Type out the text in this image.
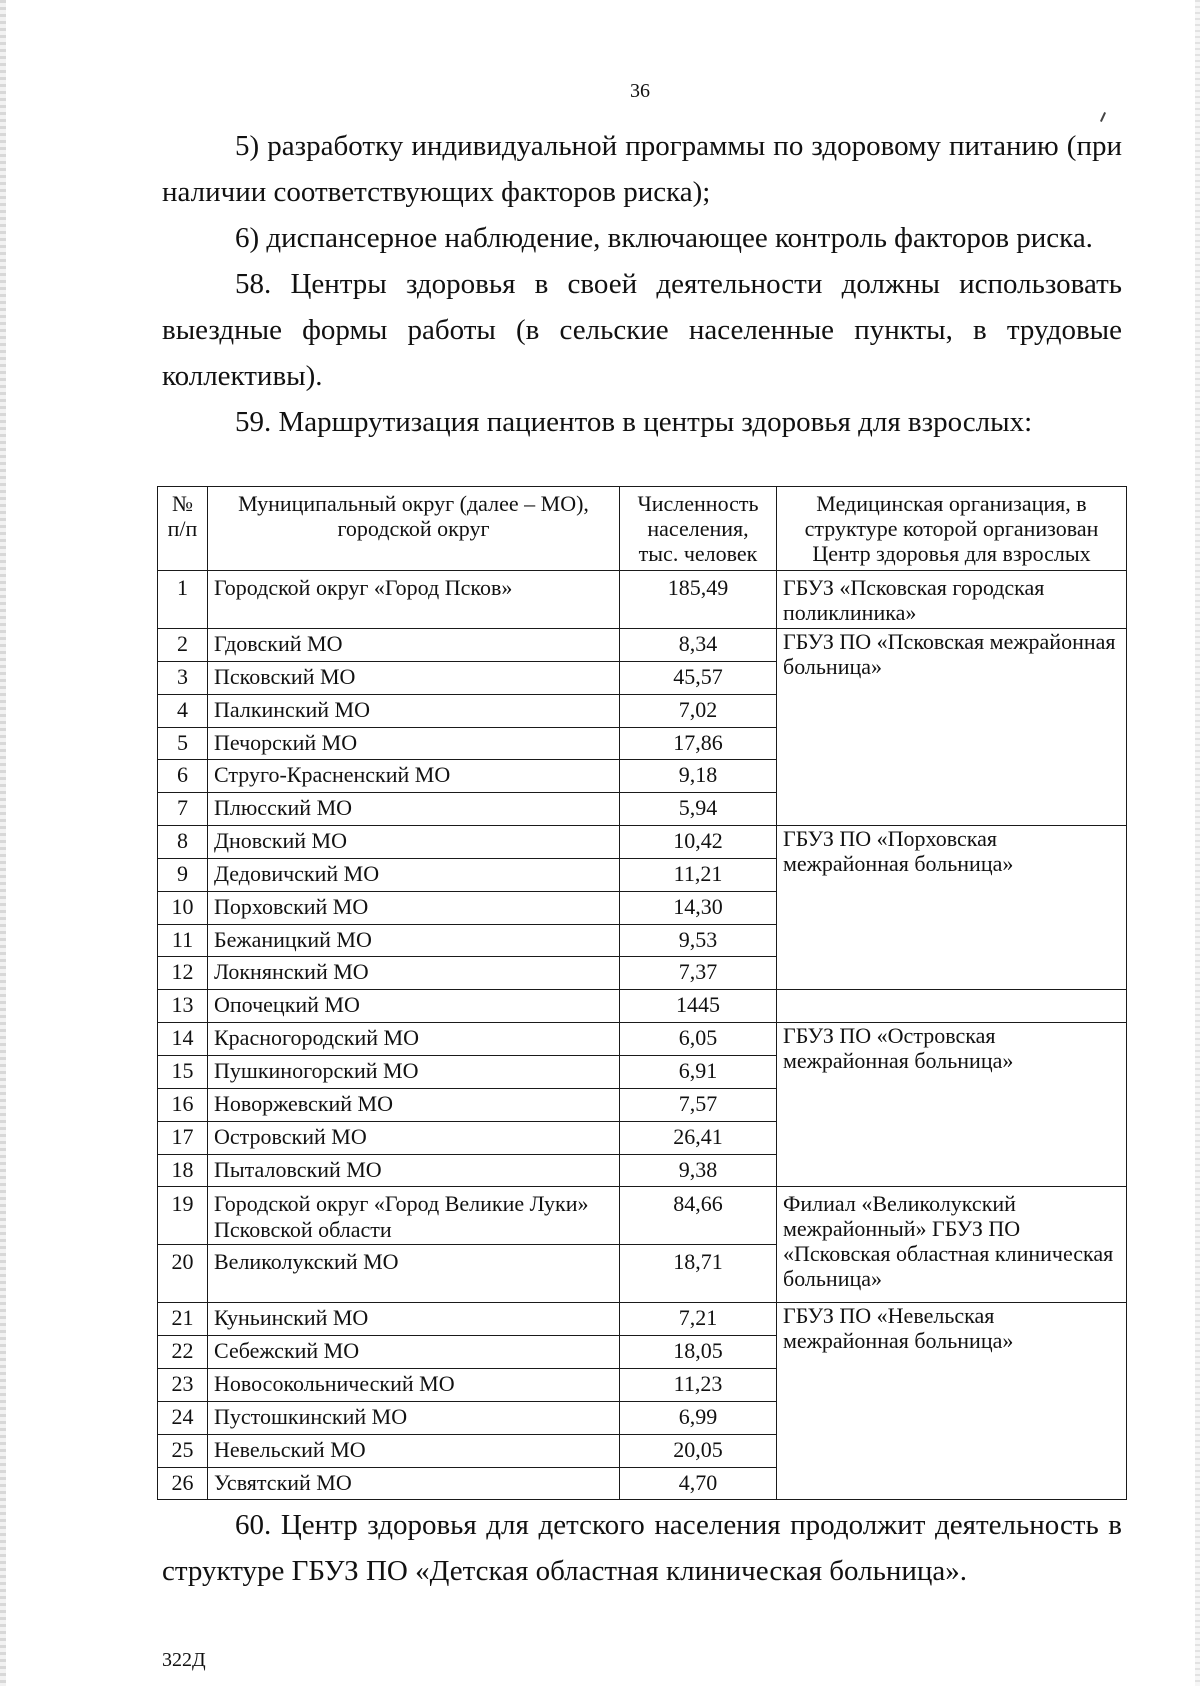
36

5) разработку индивидуальной программы по здоровому питанию (при наличии соответствующих факторов риска);

6) диспансерное наблюдение, включающее контроль факторов риска.

58. Центры здоровья в своей деятельности должны использовать выездные формы работы (в сельские населенные пункты, в трудовые коллективы).

59. Маршрутизация пациентов в центры здоровья для взрослых:

№ п/п	Муниципальный округ (далее – МО), городской округ	Численность населения, тыс. человек	Медицинская организация, в структуре которой организован Центр здоровья для взрослых
1	Городской округ «Город Псков»	185,49	ГБУЗ «Псковская городская поликлиника»
2	Гдовский МО	8,34	ГБУЗ ПО «Псковская межрайонная больница»
3	Псковский МО	45,57	
4	Палкинский МО	7,02	
5	Печорский МО	17,86	
6	Струго-Красненский МО	9,18	
7	Плюсский МО	5,94	
8	Дновский МО	10,42	ГБУЗ ПО «Порховская межрайонная больница»
9	Дедовичский МО	11,21	
10	Порховский МО	14,30	
11	Бежаницкий МО	9,53	
12	Локнянский МО	7,37	
13	Опочецкий МО	1445	
14	Красногородский МО	6,05	ГБУЗ ПО «Островская межрайонная больница»
15	Пушкиногорский МО	6,91	
16	Новоржевский МО	7,57	
17	Островский МО	26,41	
18	Пыталовский МО	9,38	
19	Городской округ «Город Великие Луки» Псковской области	84,66	Филиал «Великолукский межрайонный» ГБУЗ ПО «Псковская областная клиническая больница»
20	Великолукский МО	18,71	
21	Куньинский МО	7,21	ГБУЗ ПО «Невельская межрайонная больница»
22	Себежский МО	18,05	
23	Новосокольнический МО	11,23	
24	Пустошкинский МО	6,99	
25	Невельский МО	20,05	
26	Усвятский МО	4,70	

60. Центр здоровья для детского населения продолжит деятельность в структуре ГБУЗ ПО «Детская областная клиническая больница».

322Д
